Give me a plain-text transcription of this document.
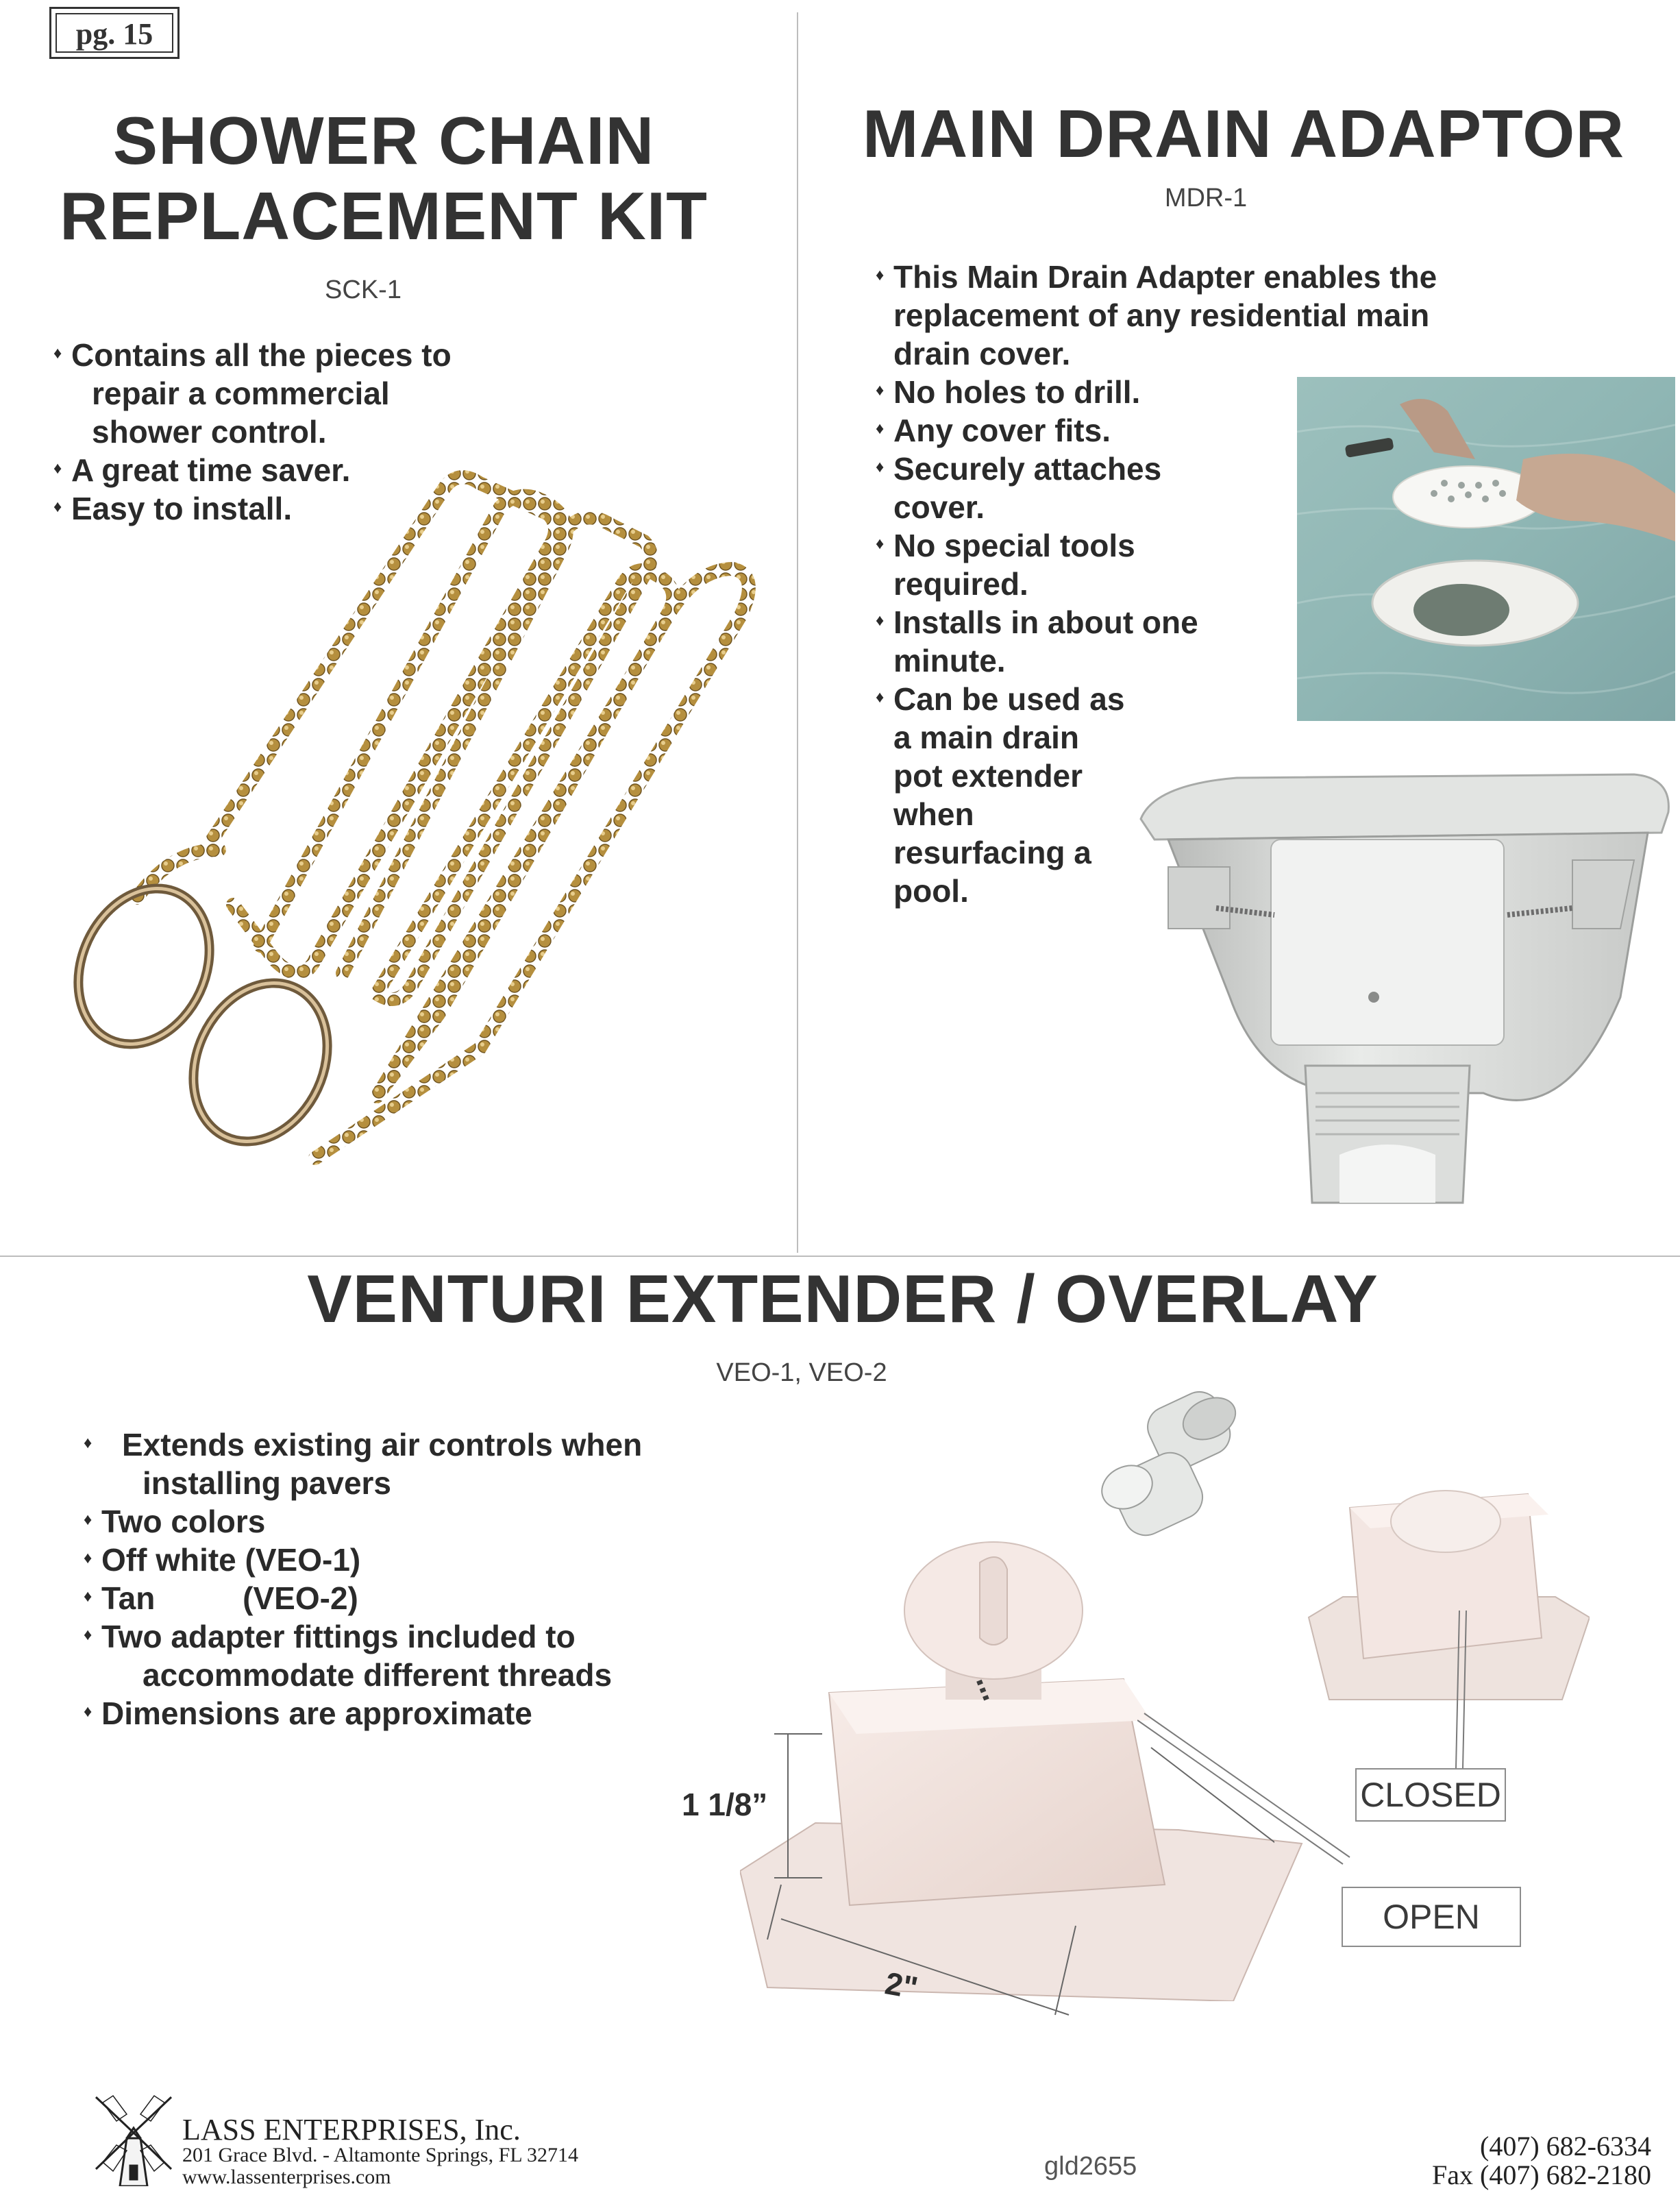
pg. 15
SHOWER CHAIN
REPLACEMENT KIT
SCK-1
♦ Contains all the pieces to
repair a commercial
shower control.
♦ A great time saver.
♦ Easy to install.
MAIN DRAIN ADAPTOR
MDR-1
♦ This Main Drain Adapter enables the
replacement of any residential main
drain cover.
♦ No holes to drill.
♦ Any cover fits.
♦ Securely attaches
cover.
♦ No special tools
required.
♦ Installs in about one
minute.
♦ Can be used as
a main drain
pot extender
when
resurfacing a
pool.
VENTURI EXTENDER / OVERLAY
VEO-1, VEO-2
♦ Extends existing air controls when
installing pavers
♦ Two colors
♦ Off white (VEO-1)
♦ Tan          (VEO-2)
♦ Two adapter fittings included to
accommodate different threads
♦ Dimensions are approximate
1 1/8”
2"
CLOSED
OPEN
LASS ENTERPRISES, Inc.
201 Grace Blvd. - Altamonte Springs, FL 32714
www.lassenterprises.com	gld2655
(407) 682-6334
Fax (407) 682-2180
